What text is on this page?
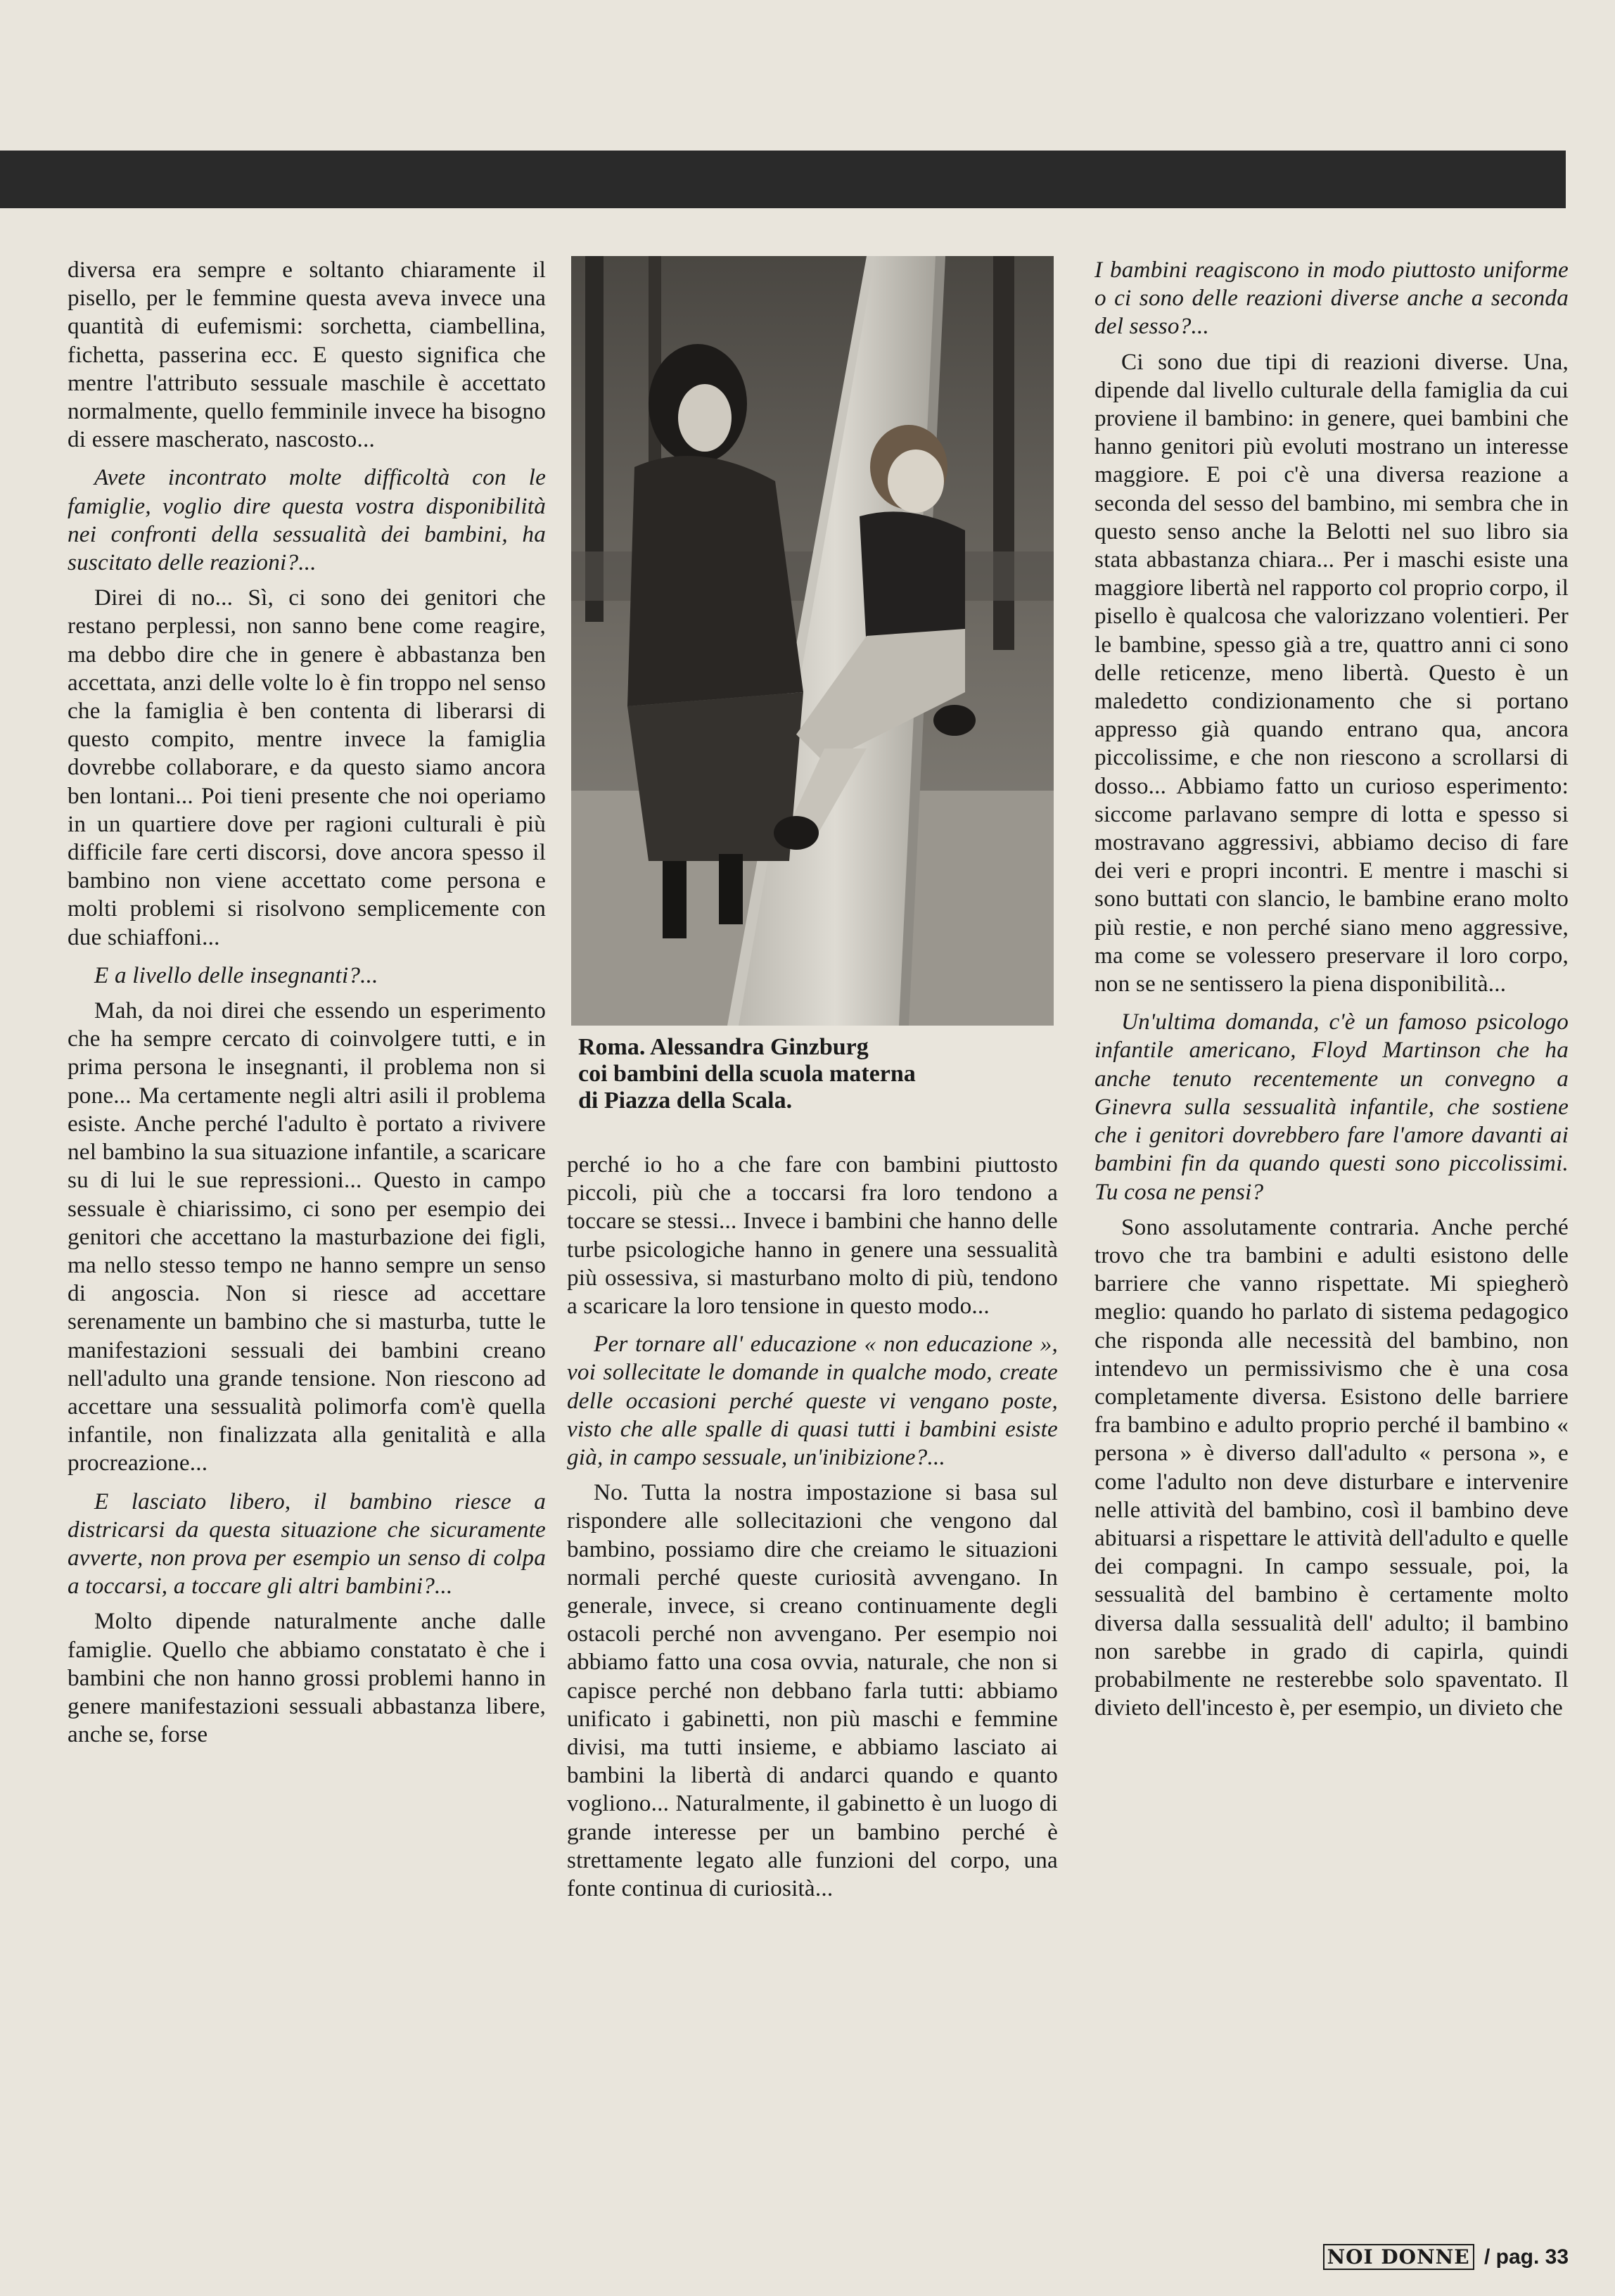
diversa era sempre e soltanto chiaramente il pisello, per le femmine questa aveva invece una quantità di eufemismi: sorchetta, ciambellina, fichetta, passerina ecc. E questo significa che mentre l'attributo sessuale maschile è accettato normalmente, quello femminile invece ha bisogno di essere mascherato, nascosto...

Avete incontrato molte difficoltà con le famiglie, voglio dire questa vostra disponibilità nei confronti della sessualità dei bambini, ha suscitato delle reazioni?...

Direi di no... Sì, ci sono dei genitori che restano perplessi, non sanno bene come reagire, ma debbo dire che in genere è abbastanza ben accettata, anzi delle volte lo è fin troppo nel senso che la famiglia è ben contenta di liberarsi di questo compito, mentre invece la famiglia dovrebbe collaborare, e da questo siamo ancora ben lontani... Poi tieni presente che noi operiamo in un quartiere dove per ragioni culturali è più difficile fare certi discorsi, dove ancora spesso il bambino non viene accettato come persona e molti problemi si risolvono semplicemente con due schiaffoni...

E a livello delle insegnanti?...

Mah, da noi direi che essendo un esperimento che ha sempre cercato di coinvolgere tutti, e in prima persona le insegnanti, il problema non si pone... Ma certamente negli altri asili il problema esiste. Anche perché l'adulto è portato a rivivere nel bambino la sua situazione infantile, a scaricare su di lui le sue repressioni... Questo in campo sessuale è chiarissimo, ci sono per esempio dei genitori che accettano la masturbazione dei figli, ma nello stesso tempo ne hanno sempre un senso di angoscia. Non si riesce ad accettare serenamente un bambino che si masturba, tutte le manifestazioni sessuali dei bambini creano nell'adulto una grande tensione. Non riescono ad accettare una sessualità polimorfa com'è quella infantile, non finalizzata alla genitalità e alla procreazione...

E lasciato libero, il bambino riesce a districarsi da questa situazione che sicuramente avverte, non prova per esempio un senso di colpa a toccarsi, a toccare gli altri bambini?...

Molto dipende naturalmente anche dalle famiglie. Quello che abbiamo constatato è che i bambini che non hanno grossi problemi hanno in genere manifestazioni sessuali abbastanza libere, anche se, forse

Roma. Alessandra Ginzburg
coi bambini della scuola materna
di Piazza della Scala.

perché io ho a che fare con bambini piuttosto piccoli, più che a toccarsi fra loro tendono a toccare se stessi... Invece i bambini che hanno delle turbe psicologiche hanno in genere una sessualità più ossessiva, si masturbano molto di più, tendono a scaricare la loro tensione in questo modo...

Per tornare all' educazione « non educazione », voi sollecitate le domande in qualche modo, create delle occasioni perché queste vi vengano poste, visto che alle spalle di quasi tutti i bambini esiste già, in campo sessuale, un'inibizione?...

No. Tutta la nostra impostazione si basa sul rispondere alle sollecitazioni che vengono dal bambino, possiamo dire che creiamo le situazioni normali perché queste curiosità avvengano. In generale, invece, si creano continuamente degli ostacoli perché non avvengano. Per esempio noi abbiamo fatto una cosa ovvia, naturale, che non si capisce perché non debbano farla tutti: abbiamo unificato i gabinetti, non più maschi e femmine divisi, ma tutti insieme, e abbiamo lasciato ai bambini la libertà di andarci quando e quanto vogliono... Naturalmente, il gabinetto è un luogo di grande interesse per un bambino perché è strettamente legato alle funzioni del corpo, una fonte continua di curiosità...

I bambini reagiscono in modo piuttosto uniforme o ci sono delle reazioni diverse anche a seconda del sesso?...

Ci sono due tipi di reazioni diverse. Una, dipende dal livello culturale della famiglia da cui proviene il bambino: in genere, quei bambini che hanno genitori più evoluti mostrano un interesse maggiore. E poi c'è una diversa reazione a seconda del sesso del bambino, mi sembra che in questo senso anche la Belotti nel suo libro sia stata abbastanza chiara... Per i maschi esiste una maggiore libertà nel rapporto col proprio corpo, il pisello è qualcosa che valorizzano volentieri. Per le bambine, spesso già a tre, quattro anni ci sono delle reticenze, meno libertà. Questo è un maledetto condizionamento che si portano appresso già quando entrano qua, ancora piccolissime, e che non riescono a scrollarsi di dosso... Abbiamo fatto un curioso esperimento: siccome parlavano sempre di lotta e spesso si mostravano aggressivi, abbiamo deciso di fare dei veri e propri incontri. E mentre i maschi si sono buttati con slancio, le bambine erano molto più restie, e non perché siano meno aggressive, ma come se volessero preservare il loro corpo, non se ne sentissero la piena disponibilità...

Un'ultima domanda, c'è un famoso psicologo infantile americano, Floyd Martinson che ha anche tenuto recentemente un convegno a Ginevra sulla sessualità infantile, che sostiene che i genitori dovrebbero fare l'amore davanti ai bambini fin da quando questi sono piccolissimi. Tu cosa ne pensi?

Sono assolutamente contraria. Anche perché trovo che tra bambini e adulti esistono delle barriere che vanno rispettate. Mi spiegherò meglio: quando ho parlato di sistema pedagogico che risponda alle necessità del bambino, non intendevo un permissivismo che è una cosa completamente diversa. Esistono delle barriere fra bambino e adulto proprio perché il bambino « persona » è diverso dall'adulto « persona », e come l'adulto non deve disturbare e intervenire nelle attività del bambino, così il bambino deve abituarsi a rispettare le attività dell'adulto e quelle dei compagni. In campo sessuale, poi, la sessualità del bambino è certamente molto diversa dalla sessualità dell' adulto; il bambino non sarebbe in grado di capirla, quindi probabilmente ne resterebbe solo spaventato. Il divieto dell'incesto è, per esempio, un divieto che

NOI DONNE / pag. 33
